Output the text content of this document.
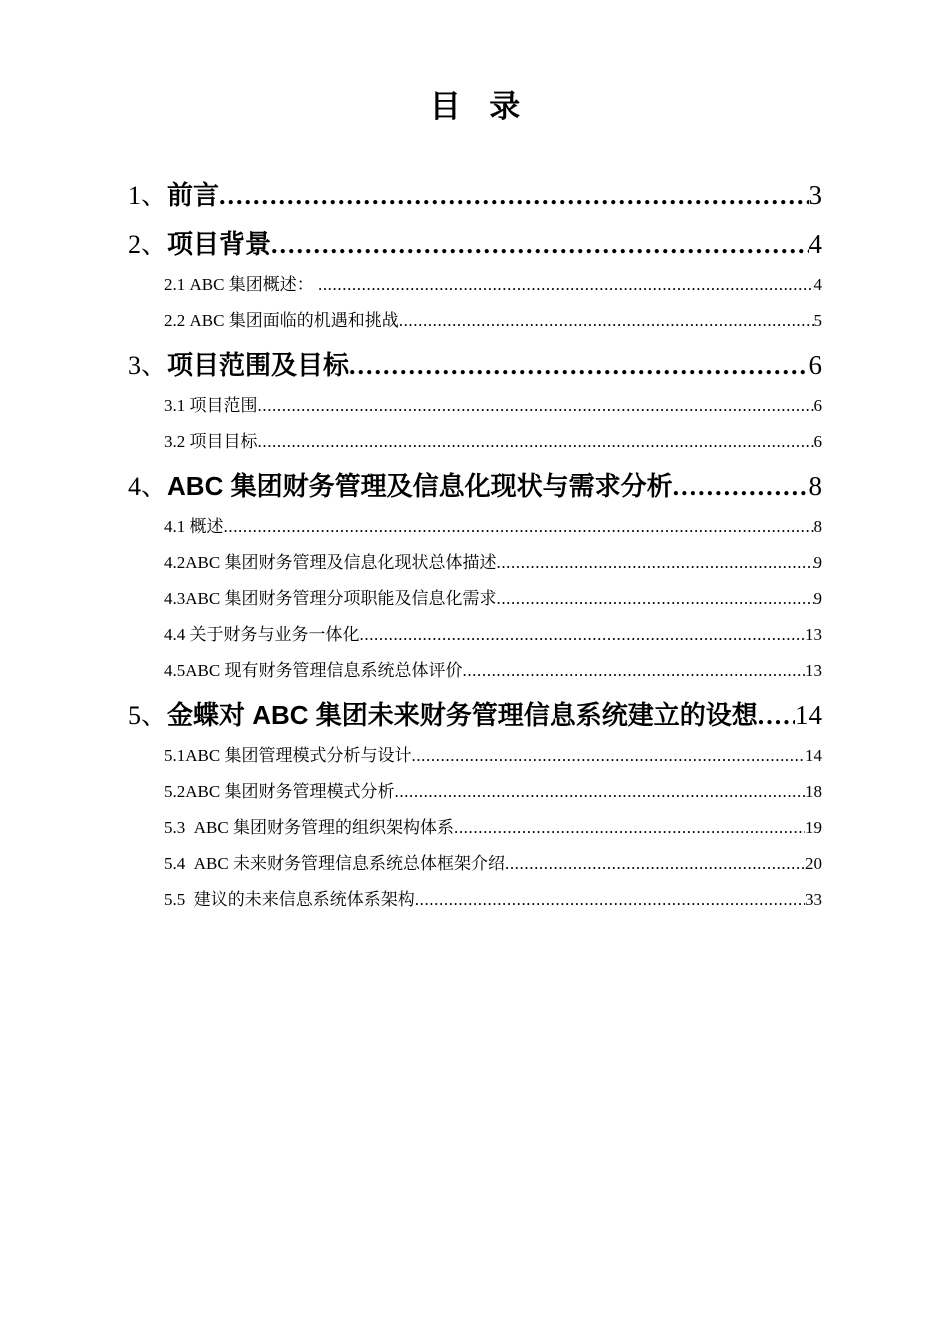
目 录
1、 前言 .....	3
2、 项目背景 .....	4
2.1 ABC 集团概述： .....	4
2.2 ABC 集团面临的机遇和挑战 .....	5
3、 项目范围及目标 .....	6
3.1 项目范围 .....	6
3.2 项目目标 .....	6
4、 ABC 集团财务管理及信息化现状与需求分析 .....	8
4.1 概述 .....	8
4.2 ABC 集团财务管理及信息化现状总体描述 .....	9
4.3 ABC 集团财务管理分项职能及信息化需求 .....	9
4.4 关于财务与业务一体化 .....	13
4.5 ABC 现有财务管理信息系统总体评价 .....	13
5、 金蝶对 ABC 集团未来财务管理信息系统建立的设想 ..... 14
5.1 ABC 集团管理模式分析与设计 .....	14
5.2 ABC 集团财务管理模式分析 .....	18
5.3 ABC 集团财务管理的组织架构体系 .....	19
5.4 ABC 未来财务管理信息系统总体框架介绍 .....	20
5.5 建议的未来信息系统体系架构 .....	33
